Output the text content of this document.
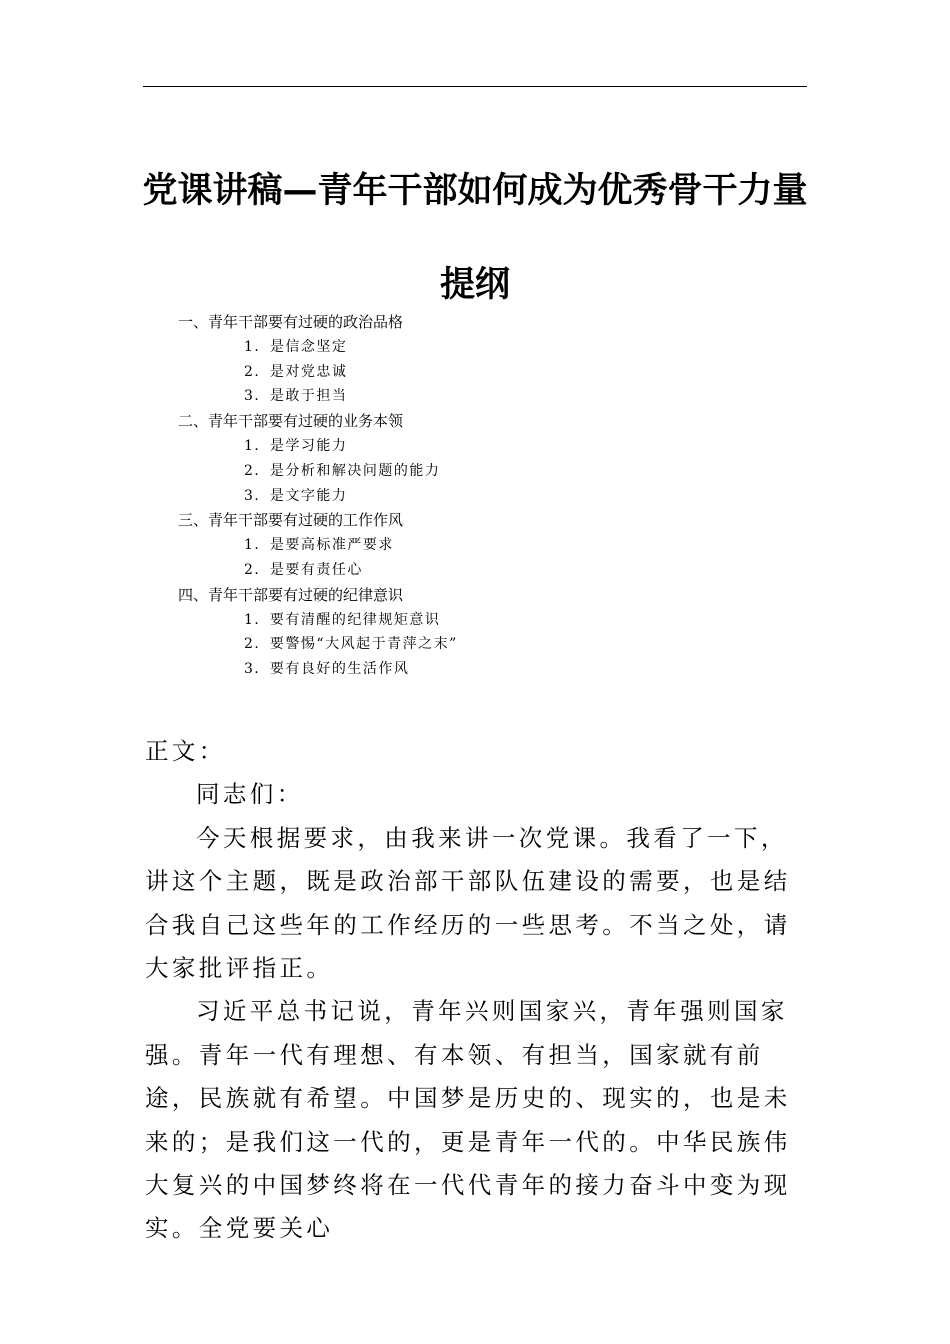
党课讲稿—青年干部如何成为优秀骨干力量
提纲
一、青年干部要有过硬的政治品格
1．是信念坚定
2．是对党忠诚
3．是敢于担当
二、青年干部要有过硬的业务本领
1．是学习能力
2．是分析和解决问题的能力
3．是文字能力
三、青年干部要有过硬的工作作风
1．是要高标准严要求
2．是要有责任心
四、青年干部要有过硬的纪律意识
1．要有清醒的纪律规矩意识
2．要警惕“大风起于青萍之末”
3．要有良好的生活作风

正文：

同志们：

今天根据要求，由我来讲一次党课。我看了一下，讲这个主题，既是政治部干部队伍建设的需要，也是结合我自己这些年的工作经历的一些思考。不当之处，请大家批评指正。

习近平总书记说，青年兴则国家兴，青年强则国家强。青年一代有理想、有本领、有担当，国家就有前途，民族就有希望。中国梦是历史的、现实的，也是未来的；是我们这一代的，更是青年一代的。中华民族伟大复兴的中国梦终将在一代代青年的接力奋斗中变为现实。全党要关心
